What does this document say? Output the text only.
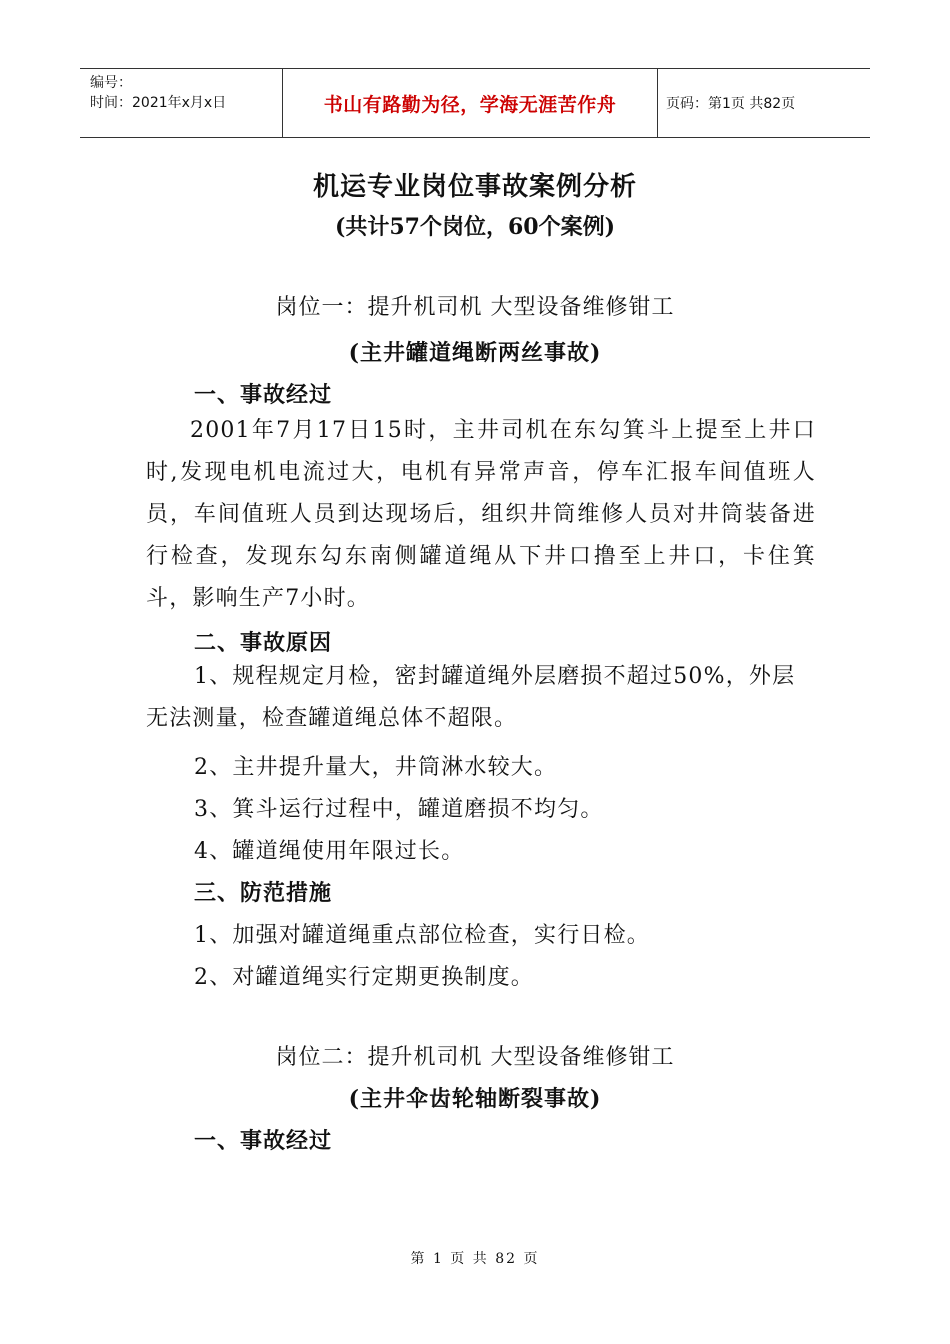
编号：
时间：2021年x月x日	书山有路勤为径，学海无涯苦作舟	页码：第1页 共82页
机运专业岗位事故案例分析
(共计57个岗位，60个案例)
岗位一：提升机司机 大型设备维修钳工
(主井罐道绳断两丝事故)
一、事故经过

2001年7月17日15时，主井司机在东勾箕斗上提至上井口时,发现电机电流过大，电机有异常声音，停车汇报车间值班人员，车间值班人员到达现场后，组织井筒维修人员对井筒装备进行检查，发现东勾东南侧罐道绳从下井口撸至上井口，卡住箕斗，影响生产7小时。

二、事故原因

1、规程规定月检，密封罐道绳外层磨损不超过50%，外层无法测量，检查罐道绳总体不超限。

2、主井提升量大，井筒淋水较大。
3、箕斗运行过程中，罐道磨损不均匀。
4、罐道绳使用年限过长。
三、防范措施
1、加强对罐道绳重点部位检查，实行日检。
2、对罐道绳实行定期更换制度。
岗位二：提升机司机 大型设备维修钳工
(主井伞齿轮轴断裂事故)
一、事故经过
第 1 页 共 82 页
